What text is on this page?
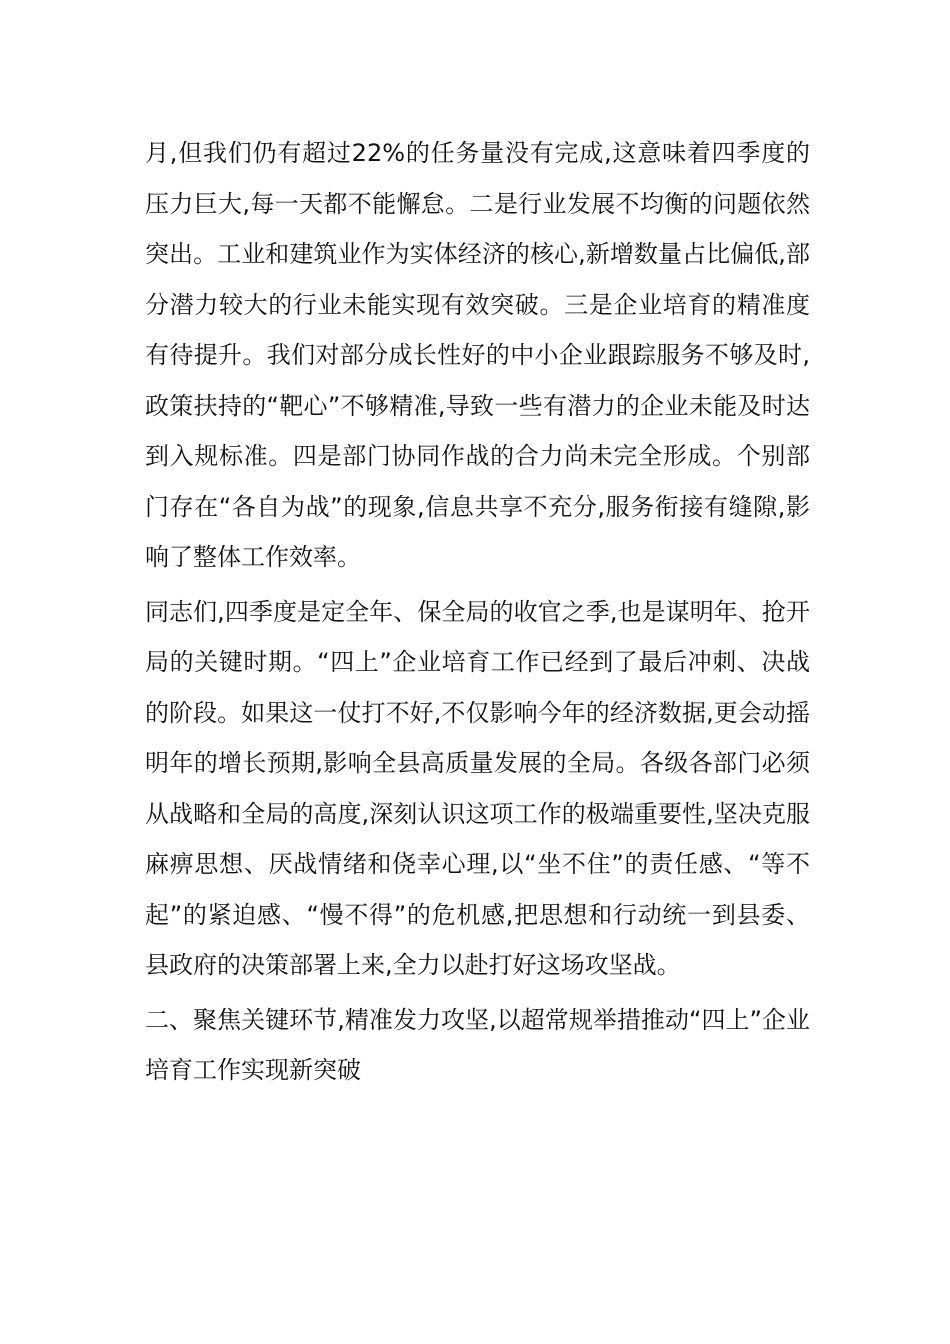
月,但我们仍有超过22%的任务量没有完成,这意味着四季度的压力巨大,每一天都不能懈怠。二是行业发展不均衡的问题依然突出。工业和建筑业作为实体经济的核心,新增数量占比偏低,部分潜力较大的行业未能实现有效突破。三是企业培育的精准度有待提升。我们对部分成长性好的中小企业跟踪服务不够及时,政策扶持的“靶心”不够精准,导致一些有潜力的企业未能及时达到入规标准。四是部门协同作战的合力尚未完全形成。个别部门存在“各自为战”的现象,信息共享不充分,服务衔接有缝隙,影响了整体工作效率。

同志们,四季度是定全年、保全局的收官之季,也是谋明年、抢开局的关键时期。“四上”企业培育工作已经到了最后冲刺、决战的阶段。如果这一仗打不好,不仅影响今年的经济数据,更会动摇明年的增长预期,影响全县高质量发展的全局。各级各部门必须从战略和全局的高度,深刻认识这项工作的极端重要性,坚决克服麻痹思想、厌战情绪和侥幸心理,以“坐不住”的责任感、“等不起”的紧迫感、“慢不得”的危机感,把思想和行动统一到县委、县政府的决策部署上来,全力以赴打好这场攻坚战。

二、聚焦关键环节,精准发力攻坚,以超常规举措推动“四上”企业培育工作实现新突破
